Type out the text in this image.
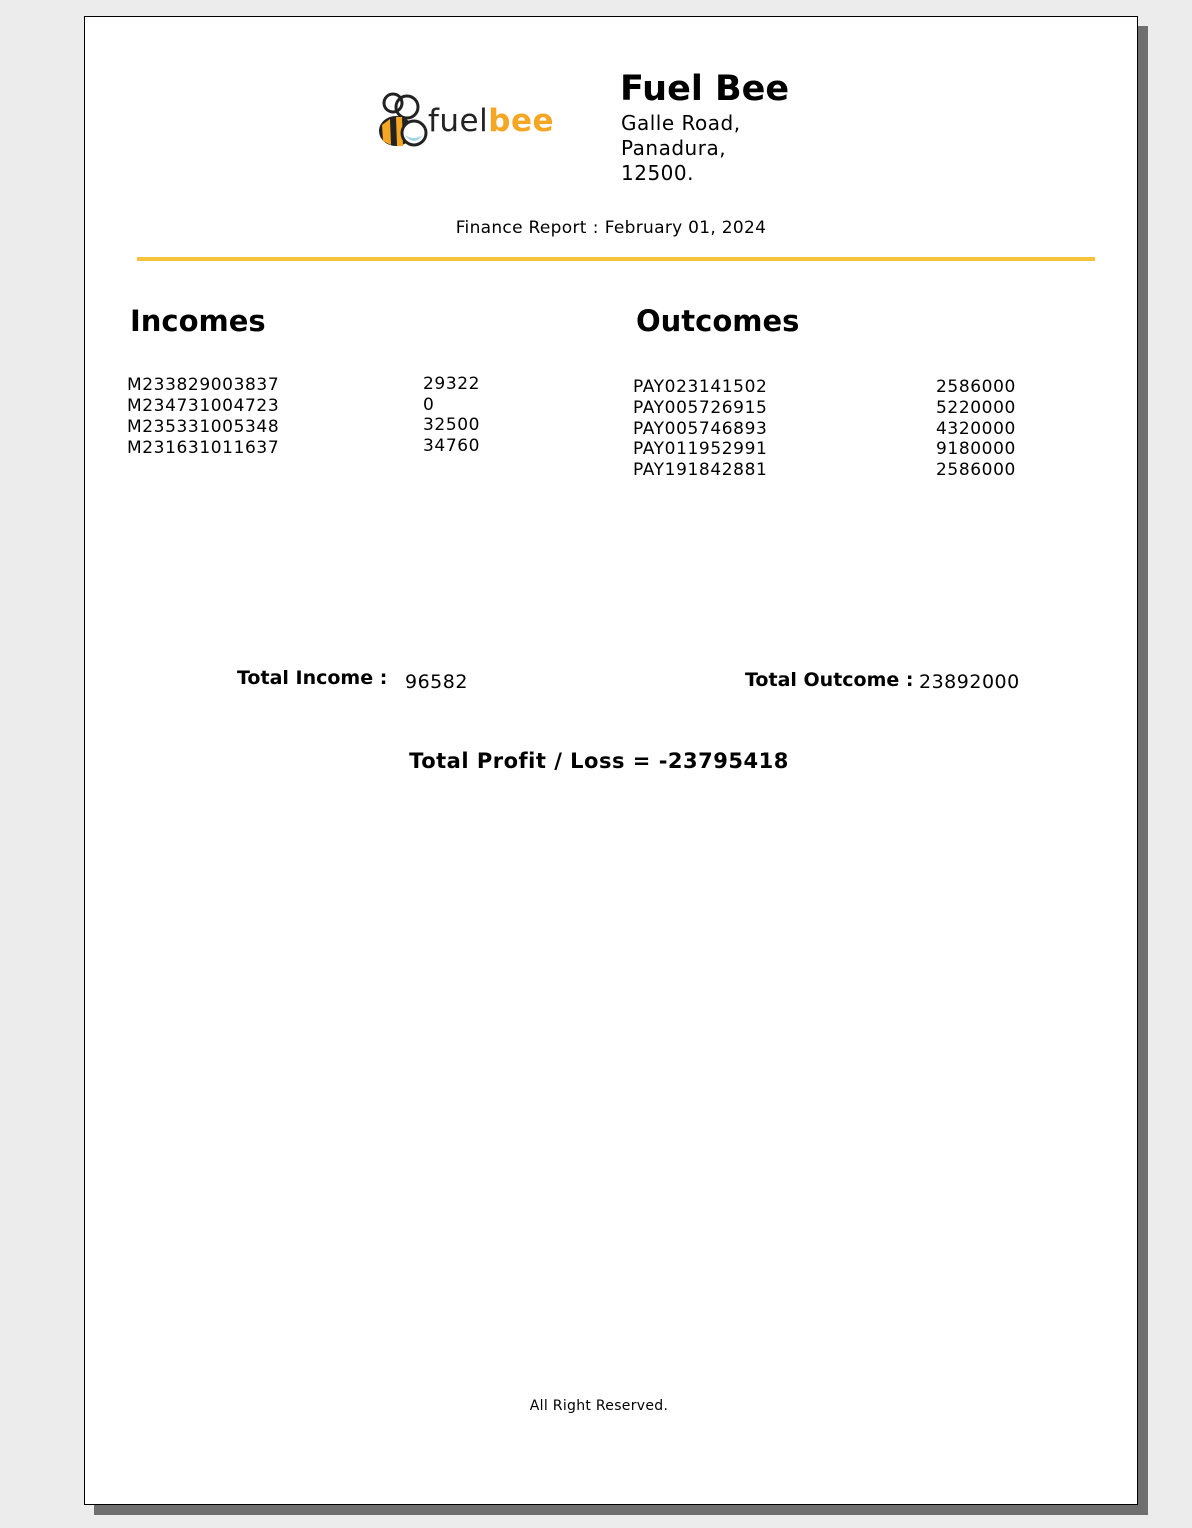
fuelbee
Fuel Bee
Galle Road,
Panadura,
12500.
Finance Report : February 01, 2024
Incomes
M233829003837	29322
M234731004723	0
M235331005348	32500
M231631011637	34760
Outcomes
PAY023141502	2586000
PAY005726915	5220000
PAY005746893	4320000
PAY011952991	9180000
PAY191842881	2586000
Total Income : 96582	Total Outcome : 23892000
Total Profit / Loss = -23795418
All Right Reserved.
